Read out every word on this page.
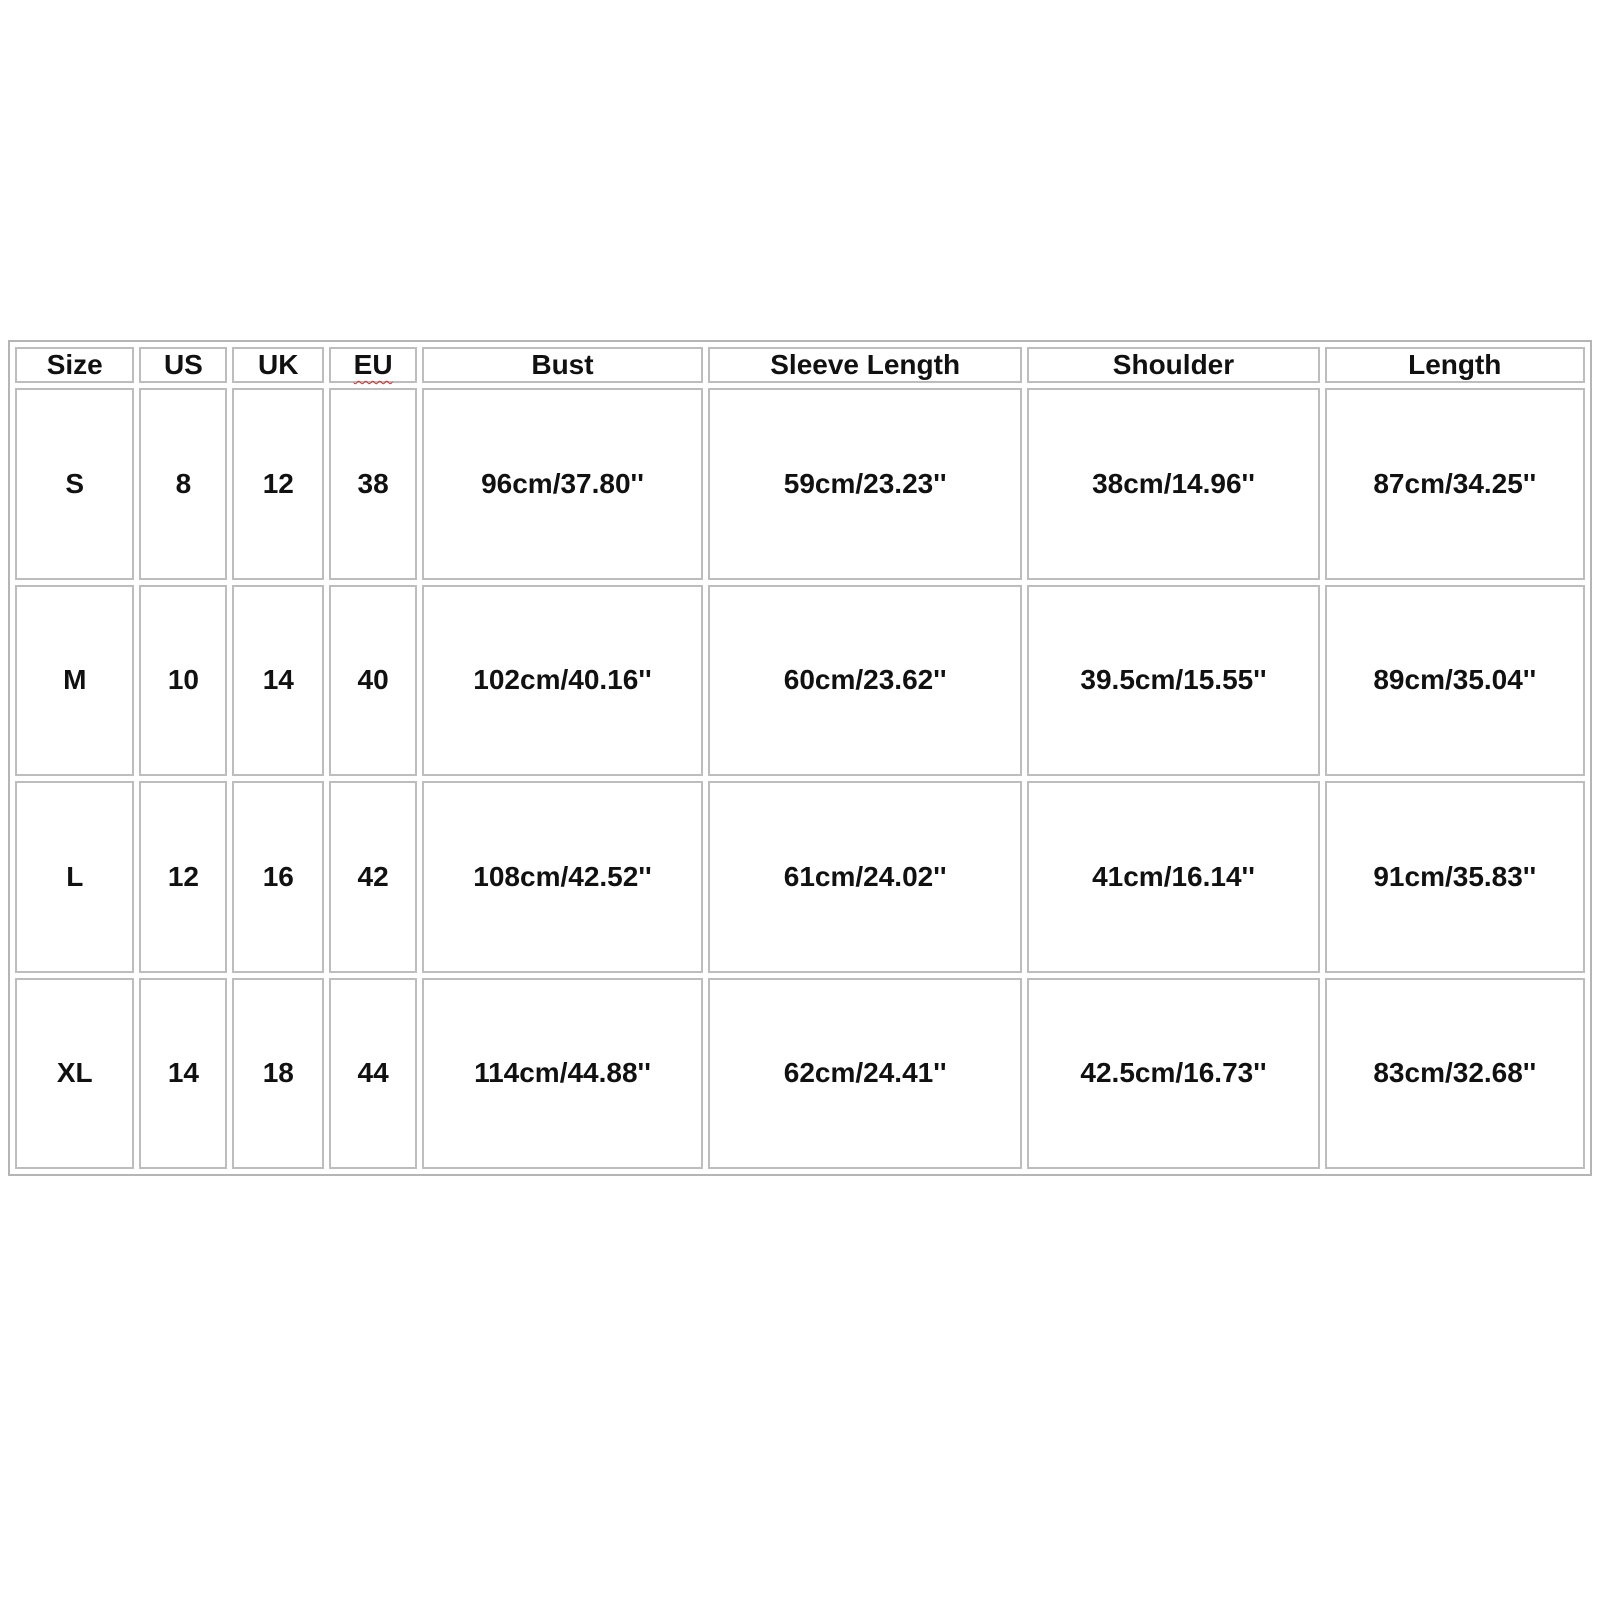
Size	US	UK	EU	Bust	Sleeve Length	Shoulder	Length
S	8	12	38	96cm/37.80''	59cm/23.23''	38cm/14.96''	87cm/34.25''
M	10	14	40	102cm/40.16''	60cm/23.62''	39.5cm/15.55''	89cm/35.04''
L	12	16	42	108cm/42.52''	61cm/24.02''	41cm/16.14''	91cm/35.83''
XL	14	18	44	114cm/44.88''	62cm/24.41''	42.5cm/16.73''	83cm/32.68''
